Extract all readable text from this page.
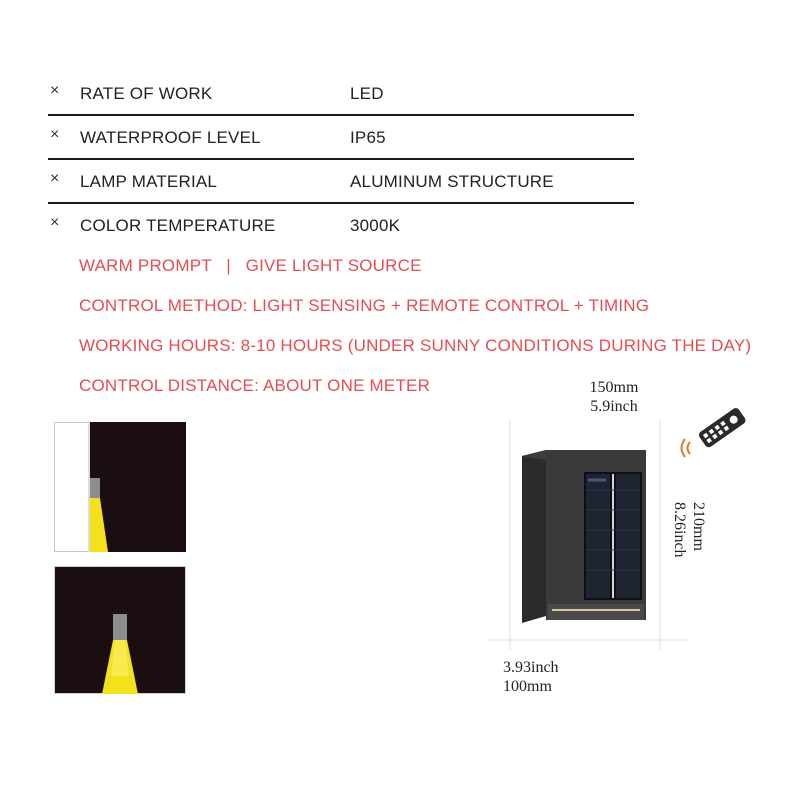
× RATE OF WORK	LED
× WATERPROOF LEVEL	IP65
× LAMP MATERIAL	ALUMINUM STRUCTURE
× COLOR TEMPERATURE	3000K
WARM PROMPT   |   GIVE LIGHT SOURCE
CONTROL METHOD: LIGHT SENSING + REMOTE CONTROL + TIMING
WORKING HOURS: 8-10 HOURS (UNDER SUNNY CONDITIONS DURING THE DAY)
CONTROL DISTANCE: ABOUT ONE METER	150mm
5.9inch
210mm
8.26inch
3.93inch
100mm
